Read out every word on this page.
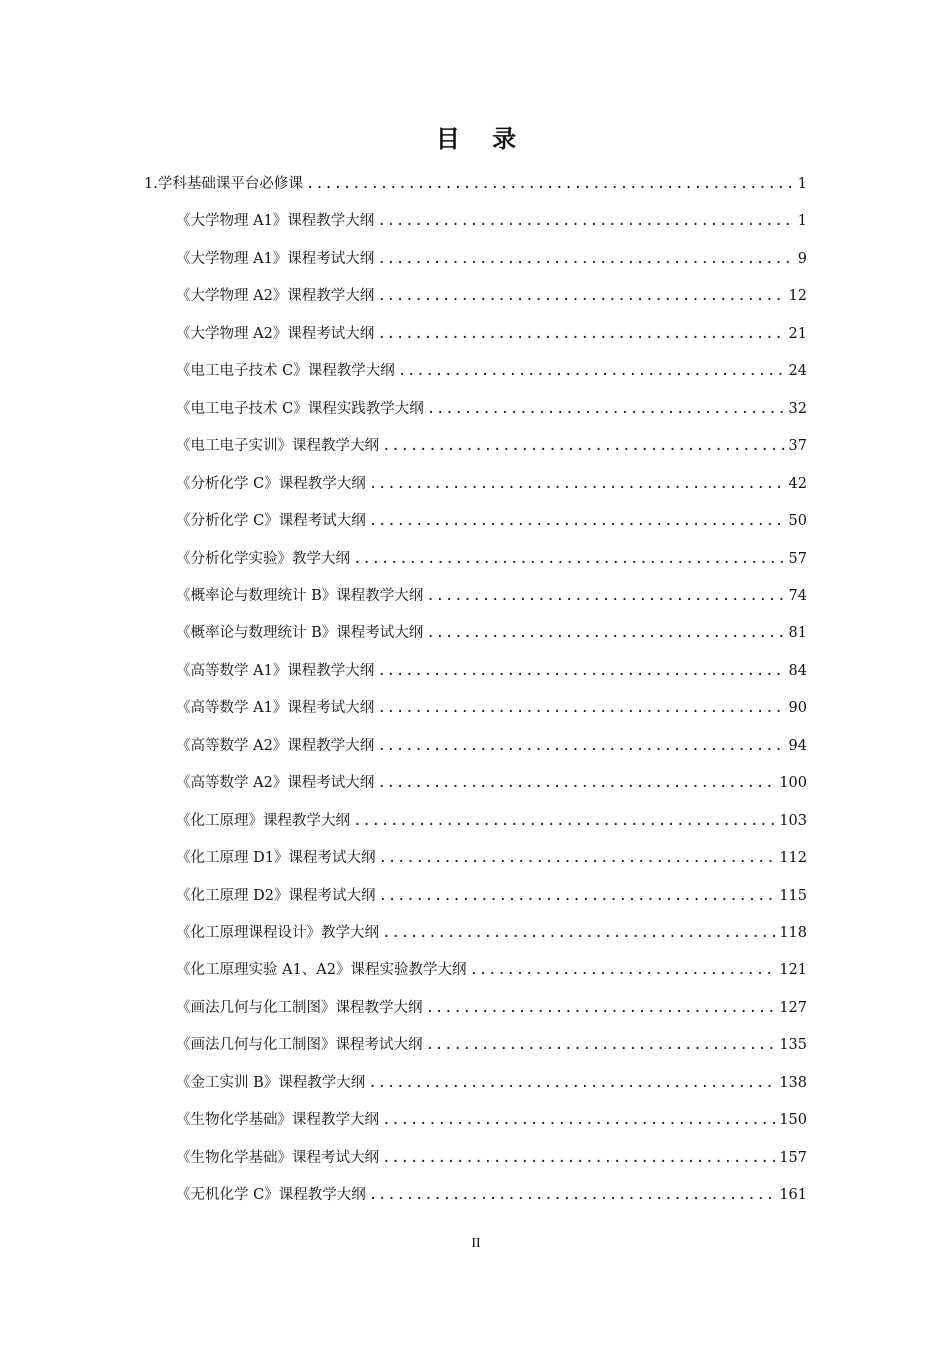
目 录
1.学科基础课平台必修课 .....	1
《大学物理 A1》课程教学大纲 .....	1
《大学物理 A1》课程考试大纲 .....	9
《大学物理 A2》课程教学大纲 .....	12
《大学物理 A2》课程考试大纲 .....	21
《电工电子技术 C》课程教学大纲 .....	24
《电工电子技术 C》课程实践教学大纲 .....	32
《电工电子实训》课程教学大纲 .....	37
《分析化学 C》课程教学大纲 .....	42
《分析化学 C》课程考试大纲 .....	50
《分析化学实验》教学大纲 .....	57
《概率论与数理统计 B》课程教学大纲 .....	74
《概率论与数理统计 B》课程考试大纲 .....	81
《高等数学 A1》课程教学大纲 .....	84
《高等数学 A1》课程考试大纲 .....	90
《高等数学 A2》课程教学大纲 .....	94
《高等数学 A2》课程考试大纲 .....	100
《化工原理》课程教学大纲 .....	103
《化工原理 D1》课程考试大纲 .....	112
《化工原理 D2》课程考试大纲 .....	115
《化工原理课程设计》教学大纲 .....	118
《化工原理实验 A1、A2》课程实验教学大纲 .....	121
《画法几何与化工制图》课程教学大纲 .....	127
《画法几何与化工制图》课程考试大纲 .....	135
《金工实训 B》课程教学大纲 .....	138
《生物化学基础》课程教学大纲 .....	150
《生物化学基础》课程考试大纲 .....	157
《无机化学 C》课程教学大纲 .....	161
II
